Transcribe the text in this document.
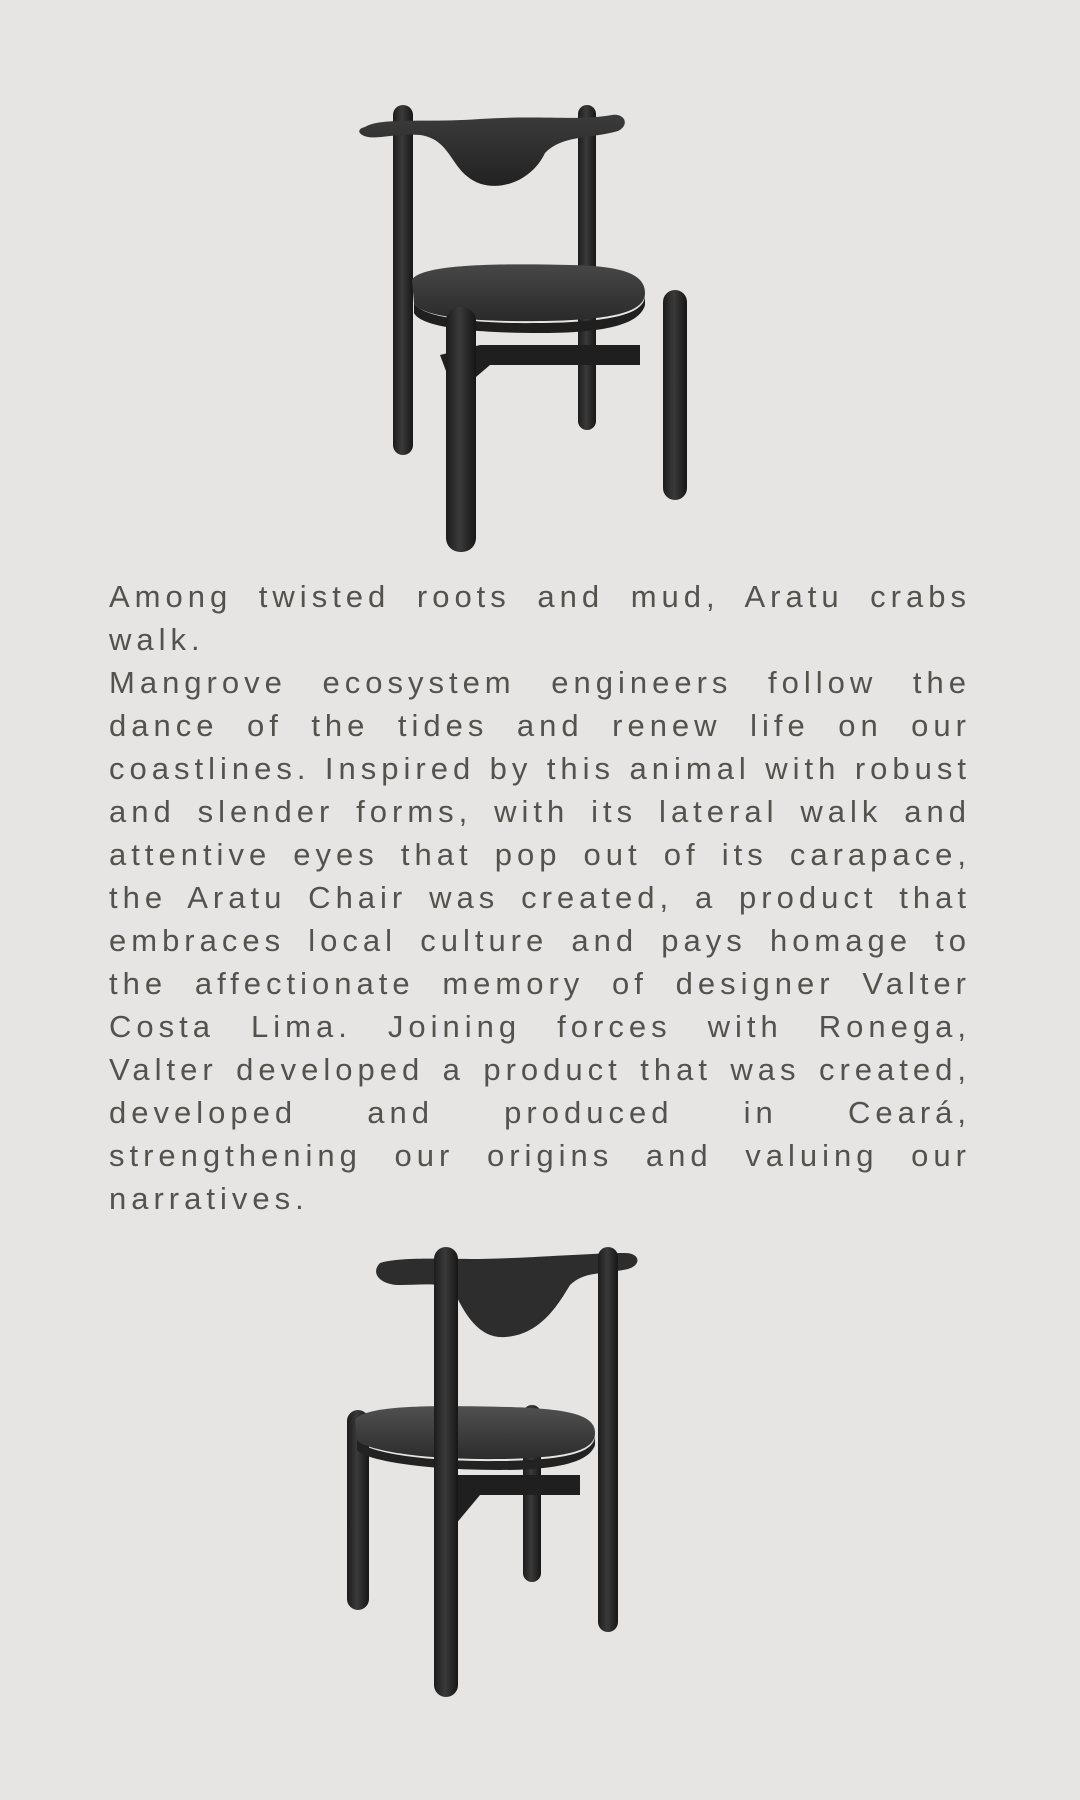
Among twisted roots and mud, Aratu crabs walk.

Mangrove ecosystem engineers follow the dance of the tides and renew life on our coastlines. Inspired by this animal with robust and slender forms, with its lateral walk and attentive eyes that pop out of its carapace, the Aratu Chair was created, a product that embraces local culture and pays homage to the affectionate memory of designer Valter Costa Lima. Joining forces with Ronega, Valter developed a product that was created, developed and produced in Ceará, strengthening our origins and valuing our narratives.
